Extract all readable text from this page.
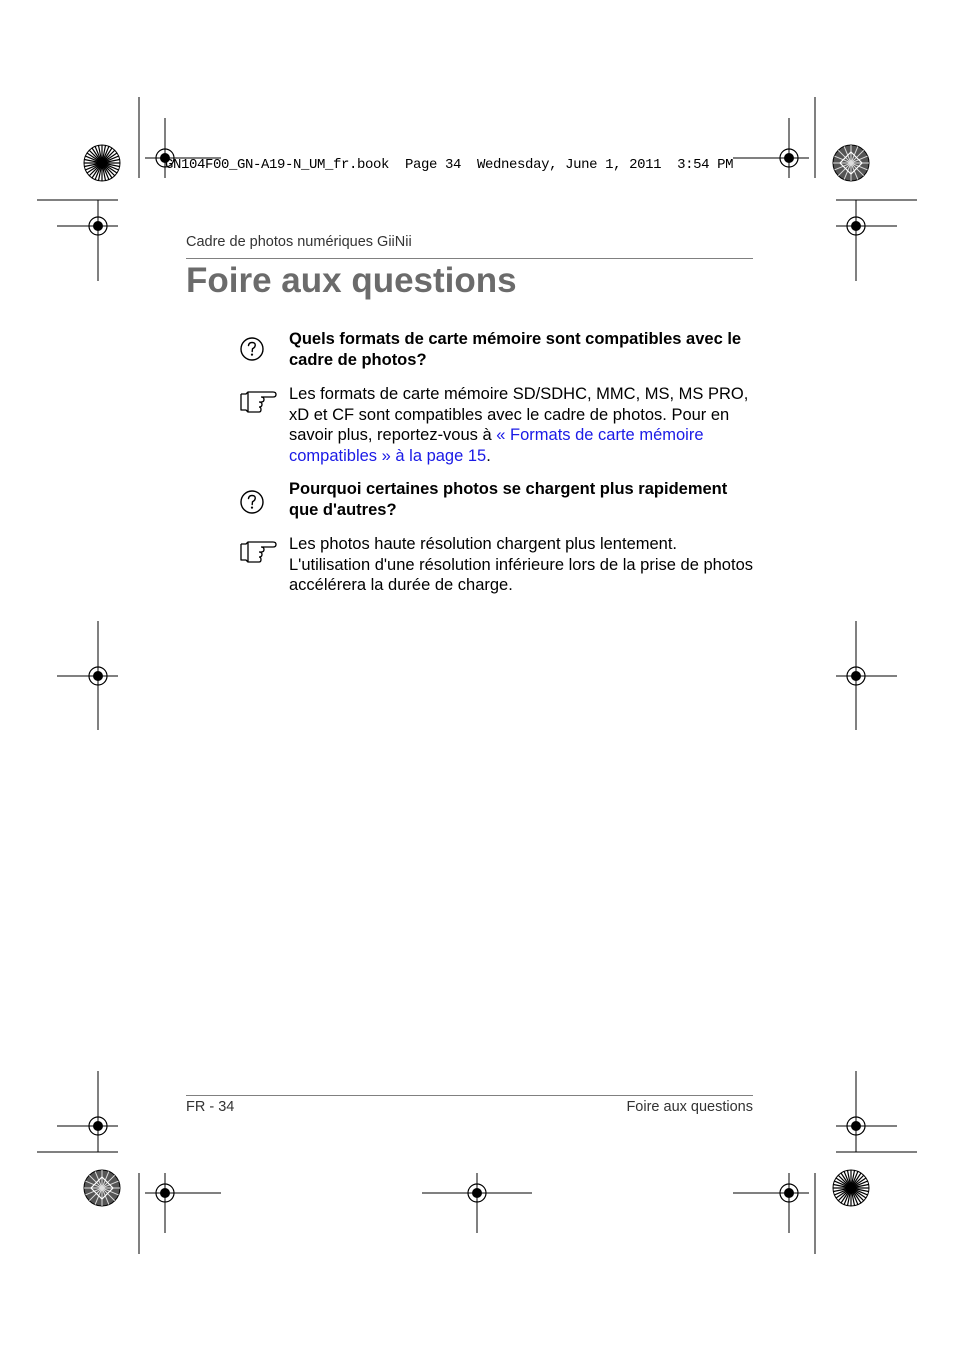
GN104F00_GN-A19-N_UM_fr.book  Page 34  Wednesday, June 1, 2011  3:54 PM
Cadre de photos numériques GiiNii
Foire aux questions
Quels formats de carte mémoire sont compatibles avec le cadre de photos?
Les formats de carte mémoire SD/SDHC, MMC, MS, MS PRO, xD et CF sont compatibles avec le cadre de photos. Pour en savoir plus, reportez-vous à « Formats de carte mémoire compatibles » à la page 15.
Pourquoi certaines photos se chargent plus rapidement que d'autres?
Les photos haute résolution chargent plus lentement. L'utilisation d'une résolution inférieure lors de la prise de photos accélérera la durée de charge.
FR - 34	Foire aux questions
